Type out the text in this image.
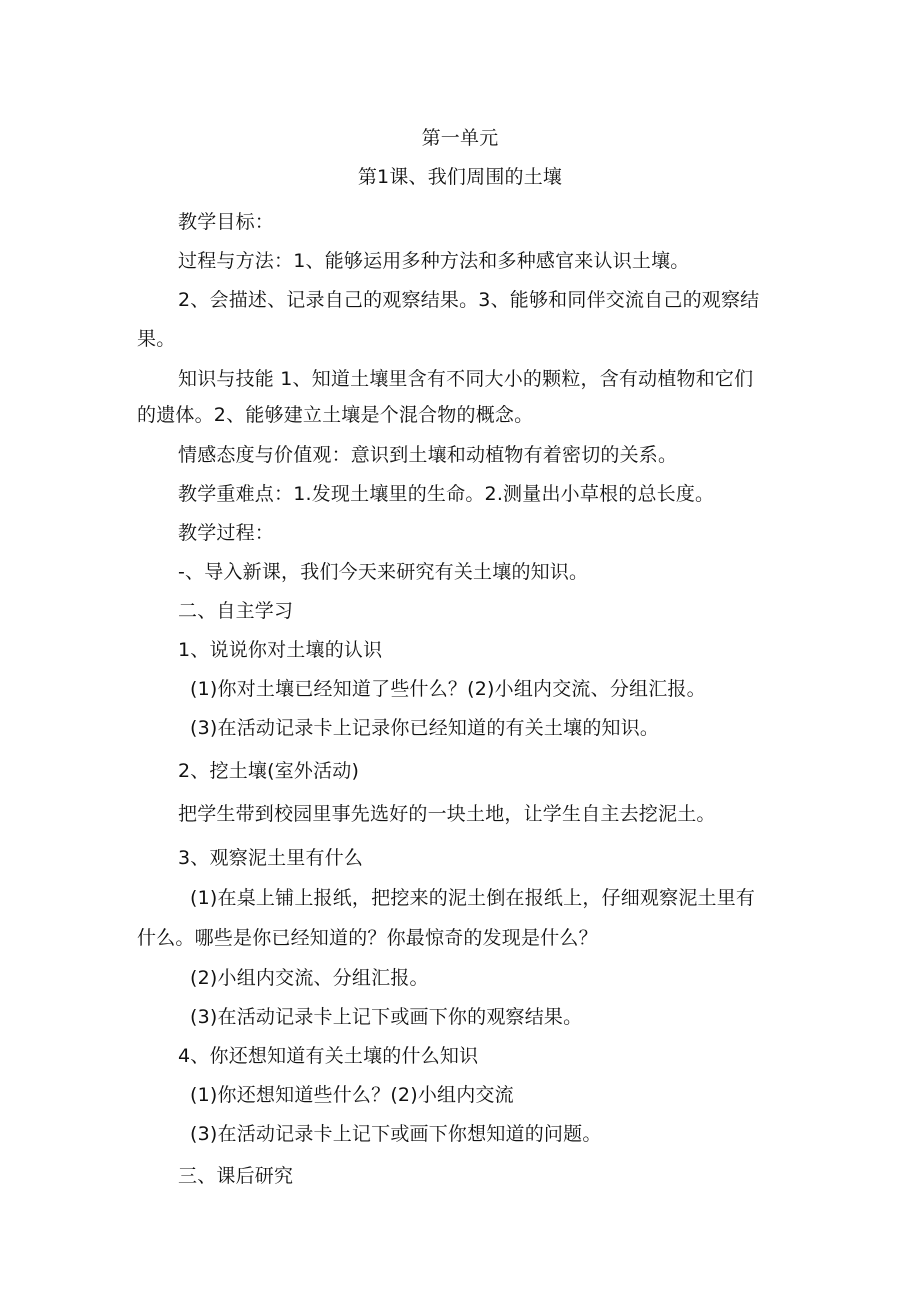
第一单元
第1课、我们周围的土壤
教学目标：
过程与方法：1、能够运用多种方法和多种感官来认识土壤。
2、会描述、记录自己的观察结果。3、能够和同伴交流自己的观察结
果。
知识与技能 1、知道土壤里含有不同大小的颗粒，含有动植物和它们
的遗体。2、能够建立土壤是个混合物的概念。
情感态度与价值观：意识到土壤和动植物有着密切的关系。
教学重难点：1.发现土壤里的生命。2.测量出小草根的总长度。
教学过程：
-、导入新课，我们今天来研究有关土壤的知识。
二、自主学习
1、说说你对土壤的认识
(1)你对土壤已经知道了些什么？(2)小组内交流、分组汇报。
(3)在活动记录卡上记录你已经知道的有关土壤的知识。
2、挖土壤(室外活动)
把学生带到校园里事先选好的一块土地，让学生自主去挖泥土。
3、观察泥土里有什么
(1)在桌上铺上报纸，把挖来的泥土倒在报纸上，仔细观察泥土里有
什么。哪些是你已经知道的？你最惊奇的发现是什么？
(2)小组内交流、分组汇报。
(3)在活动记录卡上记下或画下你的观察结果。
4、你还想知道有关土壤的什么知识
(1)你还想知道些什么？(2)小组内交流
(3)在活动记录卡上记下或画下你想知道的问题。
三、课后研究
